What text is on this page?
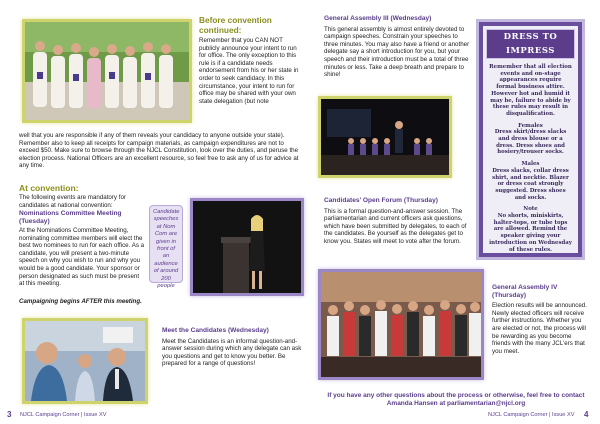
Before convention continued:
Remember that you CAN NOT publicly announce your intent to run for office. The only exception to this rule is if a candidate needs endorsement from his or her state in order to seek candidacy. In this circumstance, your intent to run for office may be shared with your own state delegation (but note
well that you are responsible if any of them reveals your candidacy to anyone outside your state). Remember also to keep all receipts for campaign materials, as campaign expenditures are not to exceed $50. Make sure to browse through the NJCL Constitution, look over the duties, and peruse the election process. National Officers are an excellent resource, so feel free to ask any of us for advice at any time.
At convention:
The following events are mandatory for candidates at national convention:
Nominations Committee Meeting (Tuesday)
At the Nominations Committee Meeting, nominating committee members will elect the best two nominees to run for each office. As a candidate, you will present a two-minute speech on why you wish to run and why you would be a good candidate. Your sponsor or person designated as such must be present at this meeting.
Campaigning begins AFTER this meeting.
Candidate speeches at Nom Com are given in front of an audience of around 200 people
Meet the Candidates (Wednesday)
Meet the Candidates is an informal question-and-answer session during which any delegate can ask you questions and get to know you better. Be prepared for a range of questions!
3 NJCL Campaign Corner | Issue XV
General Assembly III (Wednesday)
This general assembly is almost entirely devoted to campaign speeches. Constrain your speeches to three minutes. You may also have a friend or another delegate say a short introduction for you, but your speech and their introduction must be a total of three minutes or less. Take a deep breath and prepare to shine!
Candidates’ Open Forum (Thursday)
This is a formal question-and-answer session. The parliamentarian and current officers ask questions, which have been submitted by delegates, to each of the candidates. Be yourself as the delegates get to know you. States will meet to vote after the forum.
General Assembly IV (Thursday)
Election results will be announced. Newly elected officers will receive further instructions. Whether you are elected or not, the process will be rewarding as you become friends with the many JCL’ers that you meet.
DRESS TO IMPRESS

Remember that all election events and on-stage appearances require formal business attire. However hot and humid it may be, failure to abide by these rules may result in disqualification.

Females

Dress skirt/dress slacks and dress blouse or a dress. Dress shoes and hosiery/trouser socks.

Males

Dress slacks, collar dress shirt, and necktie. Blazer or dress coat strongly suggested. Dress shoes and socks.

Note

No shorts, miniskirts, halter-tops, or tube tops are allowed. Remind the speaker giving your introduction on Wednesday of these rules.

If you have any other questions about the process or otherwise, feel free to contact Amanda Hansen at parliamentarian@njcl.org
NJCL Campaign Corner | Issue XV 4
